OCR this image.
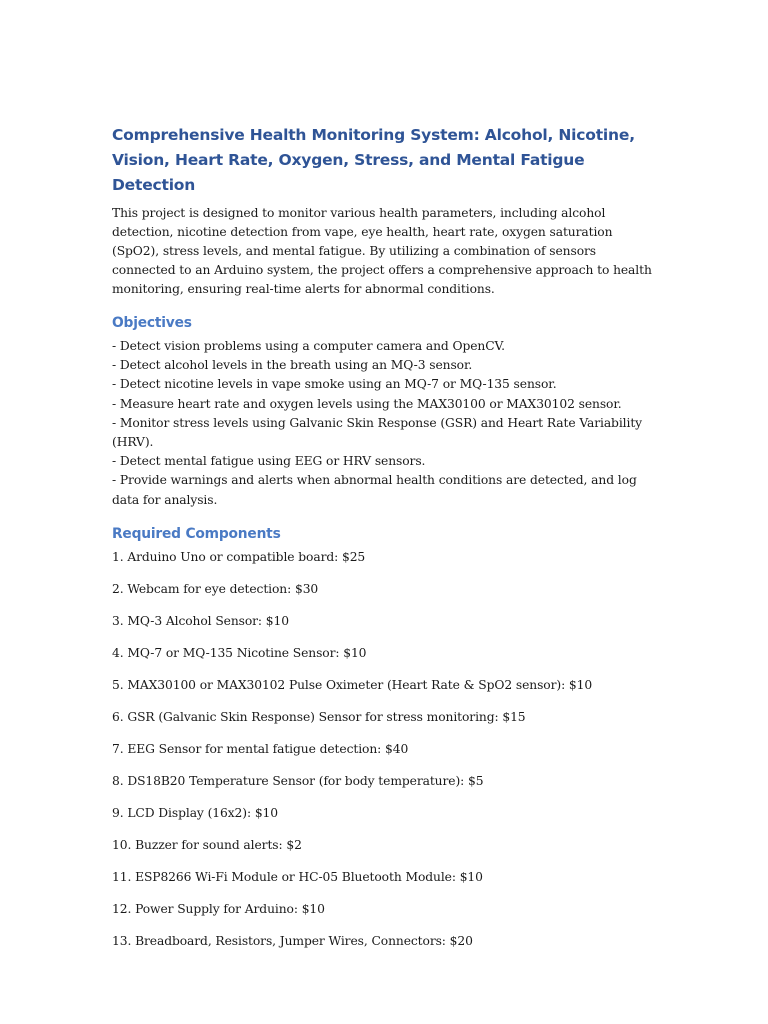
Comprehensive Health Monitoring System: Alcohol, Nicotine, Vision, Heart Rate, Oxygen, Stress, and Mental Fatigue Detection

This project is designed to monitor various health parameters, including alcohol detection, nicotine detection from vape, eye health, heart rate, oxygen saturation (SpO2), stress levels, and mental fatigue. By utilizing a combination of sensors connected to an Arduino system, the project offers a comprehensive approach to health monitoring, ensuring real-time alerts for abnormal conditions.

Objectives
- Detect vision problems using a computer camera and OpenCV.
- Detect alcohol levels in the breath using an MQ-3 sensor.
- Detect nicotine levels in vape smoke using an MQ-7 or MQ-135 sensor.
- Measure heart rate and oxygen levels using the MAX30100 or MAX30102 sensor.
- Monitor stress levels using Galvanic Skin Response (GSR) and Heart Rate Variability (HRV).
- Detect mental fatigue using EEG or HRV sensors.
- Provide warnings and alerts when abnormal health conditions are detected, and log data for analysis.
Required Components
1. Arduino Uno or compatible board: $25
2. Webcam for eye detection: $30
3. MQ-3 Alcohol Sensor: $10
4. MQ-7 or MQ-135 Nicotine Sensor: $10
5. MAX30100 or MAX30102 Pulse Oximeter (Heart Rate & SpO2 sensor): $10
6. GSR (Galvanic Skin Response) Sensor for stress monitoring: $15
7. EEG Sensor for mental fatigue detection: $40
8. DS18B20 Temperature Sensor (for body temperature): $5
9. LCD Display (16x2): $10
10. Buzzer for sound alerts: $2
11. ESP8266 Wi-Fi Module or HC-05 Bluetooth Module: $10
12. Power Supply for Arduino: $10
13. Breadboard, Resistors, Jumper Wires, Connectors: $20
